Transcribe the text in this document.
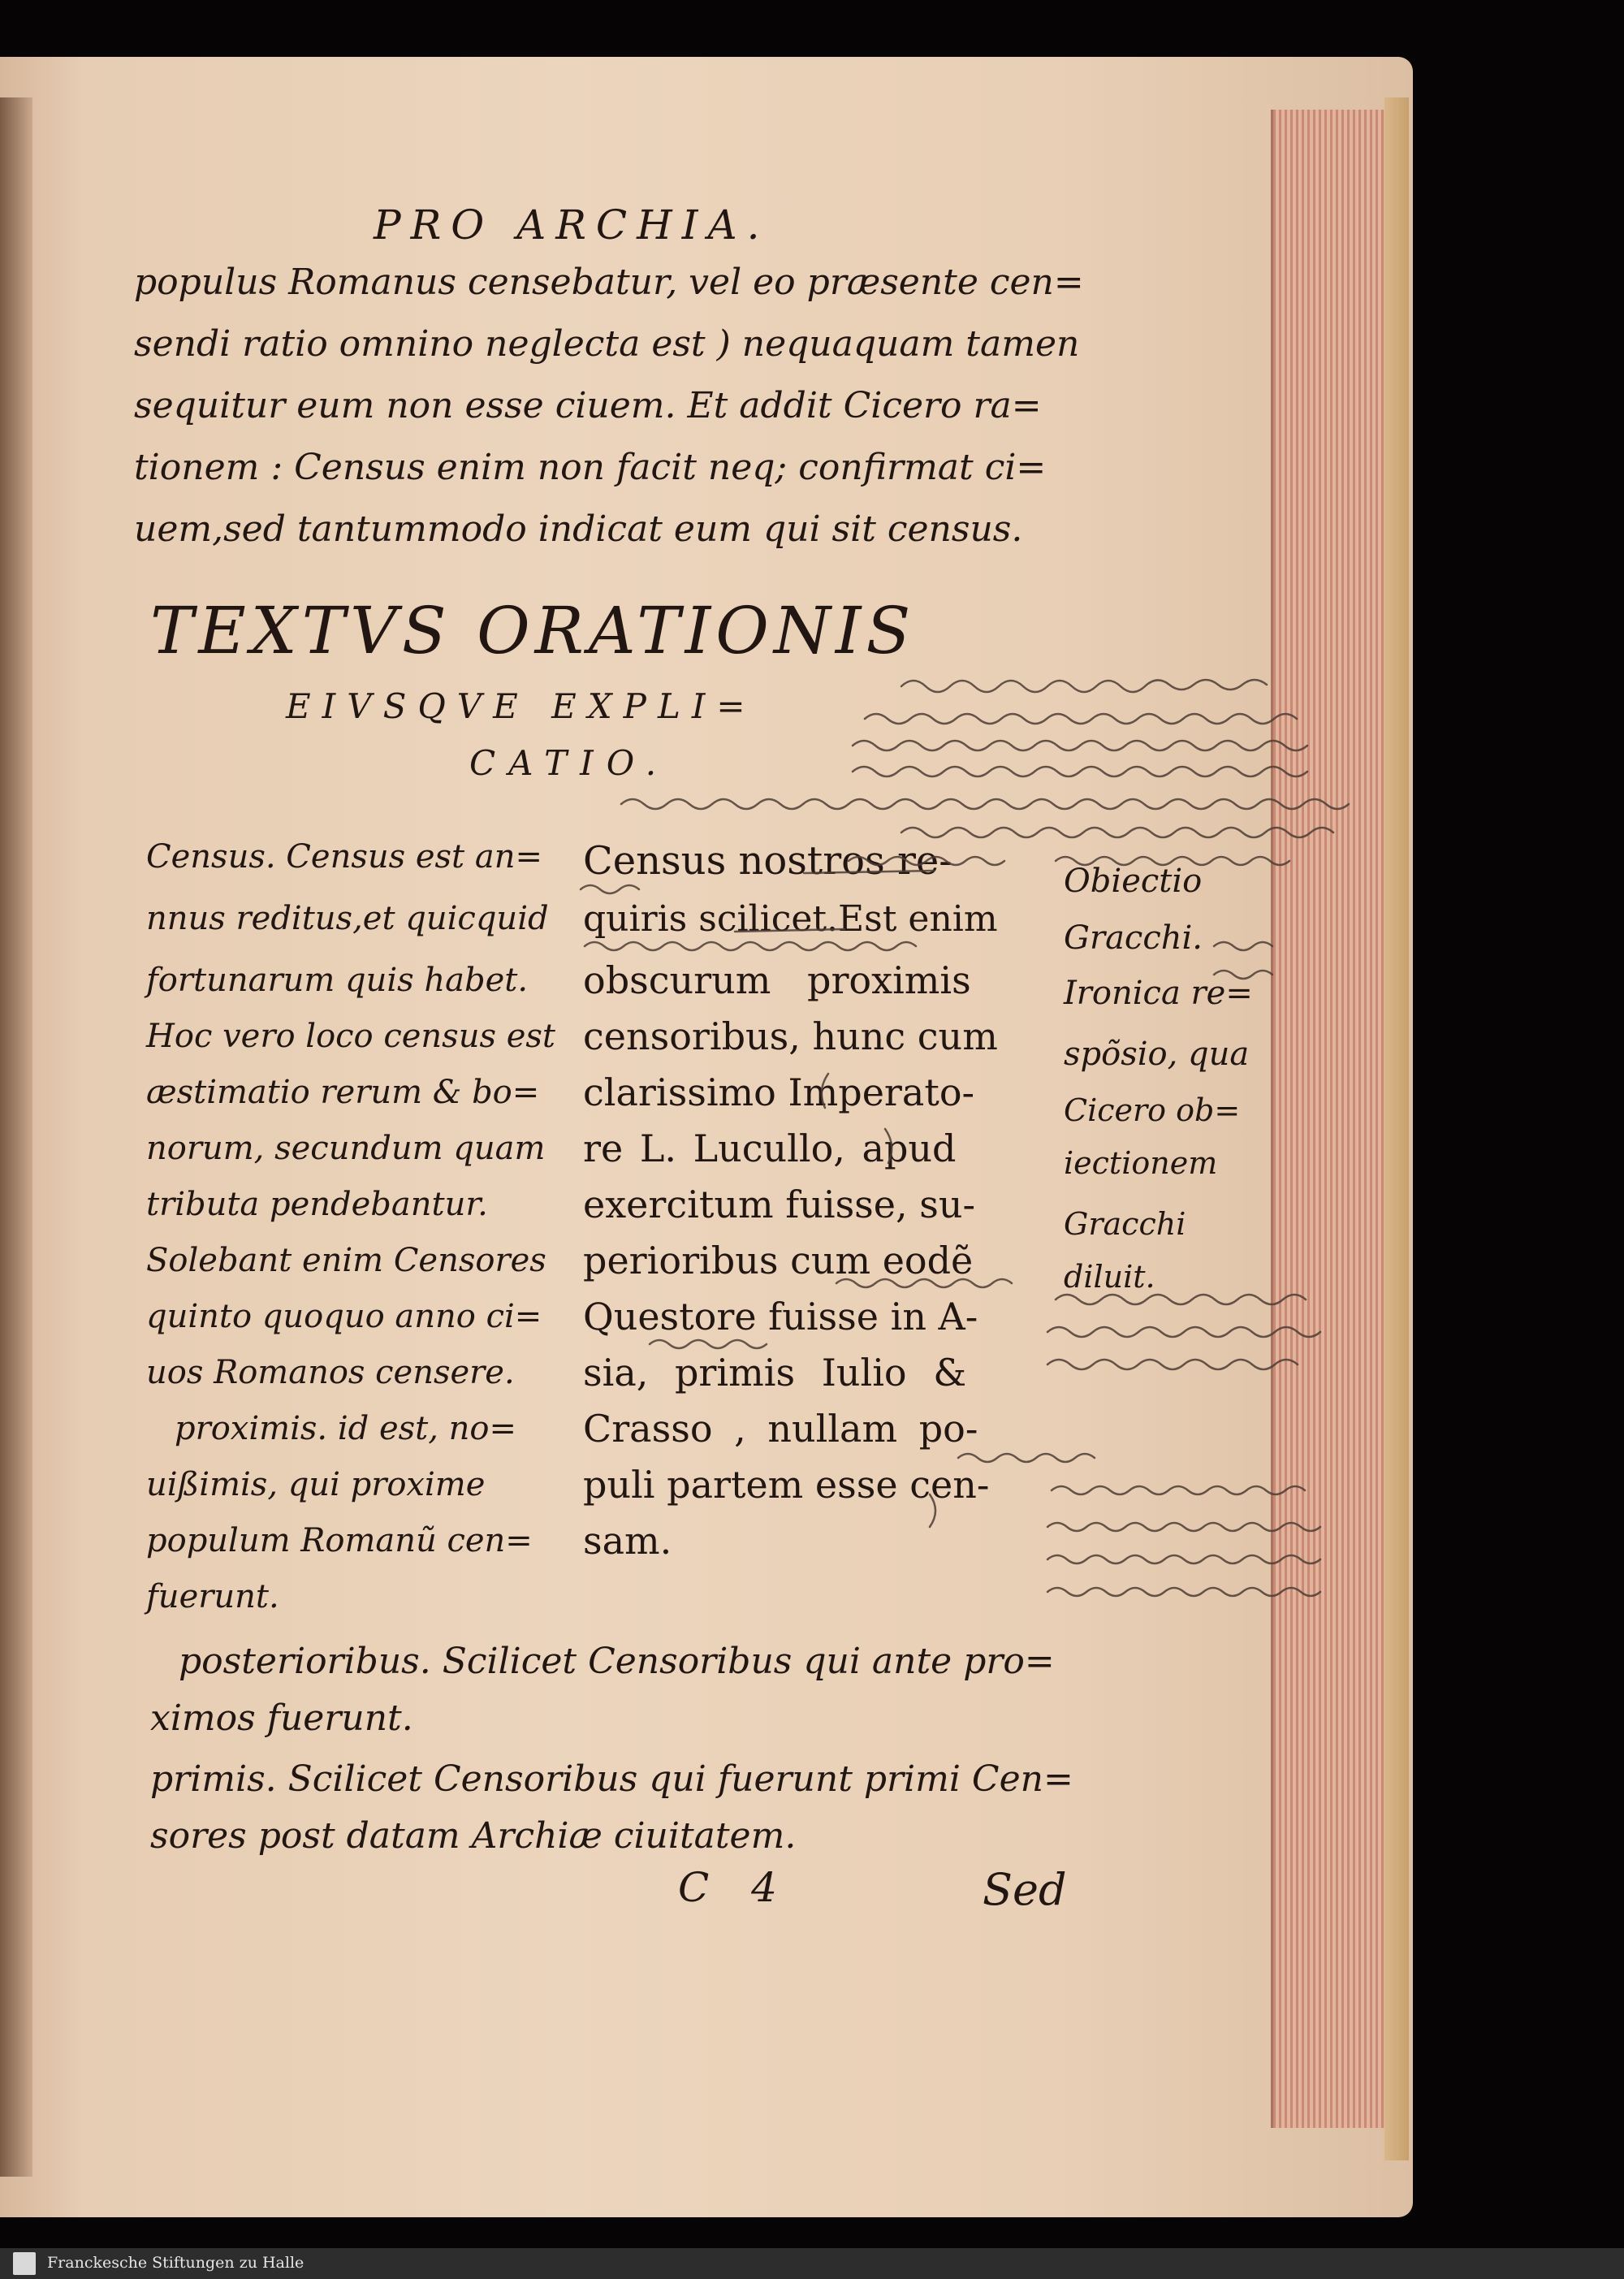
PRO ARCHIA.
populus Romanus censebatur, vel eo præsente cen=
sendi ratio omnino neglecta est ) nequaquam tamen
sequitur eum non esse ciuem. Et addit Cicero ra=
tionem : Census enim non facit neq; confirmat ci=
uem,sed tantummodo indicat eum qui sit census.
TEXTVS ORATIONIS
EIVSQVE EXPLI=
CATIO.
Census. Census est an=
nnus reditus,et quicquid
fortunarum quis habet.
Hoc vero loco census est
æstimatio rerum & bo=
norum, secundum quam
tributa pendebantur.
Solebant enim Censores
quinto quoquo anno ci=
uos Romanos censere.
proximis. id est, no=
uißimis, qui proxime
populum Romanũ cen=
fuerunt.
Census nostros re-
quiris scilicet.Est enim
obscurum proximis
censoribus, hunc cum
clarissimo Imperato-
re L. Lucullo, apud
exercitum fuisse, su-
perioribus cum eodẽ
Questore fuisse in A-
sia, primis Iulio &
Crasso , nullam po-
puli partem esse cen-
sam.
Obiectio
Gracchi.
Ironica re=
spõsio, qua
Cicero ob=
iectionem
Gracchi
diluit.
posterioribus. Scilicet Censoribus qui ante pro=
ximos fuerunt.
primis. Scilicet Censoribus qui fuerunt primi Cen=
sores post datam Archiæ ciuitatem.
C 4	Sed
Franckesche Stiftungen zu Halle
